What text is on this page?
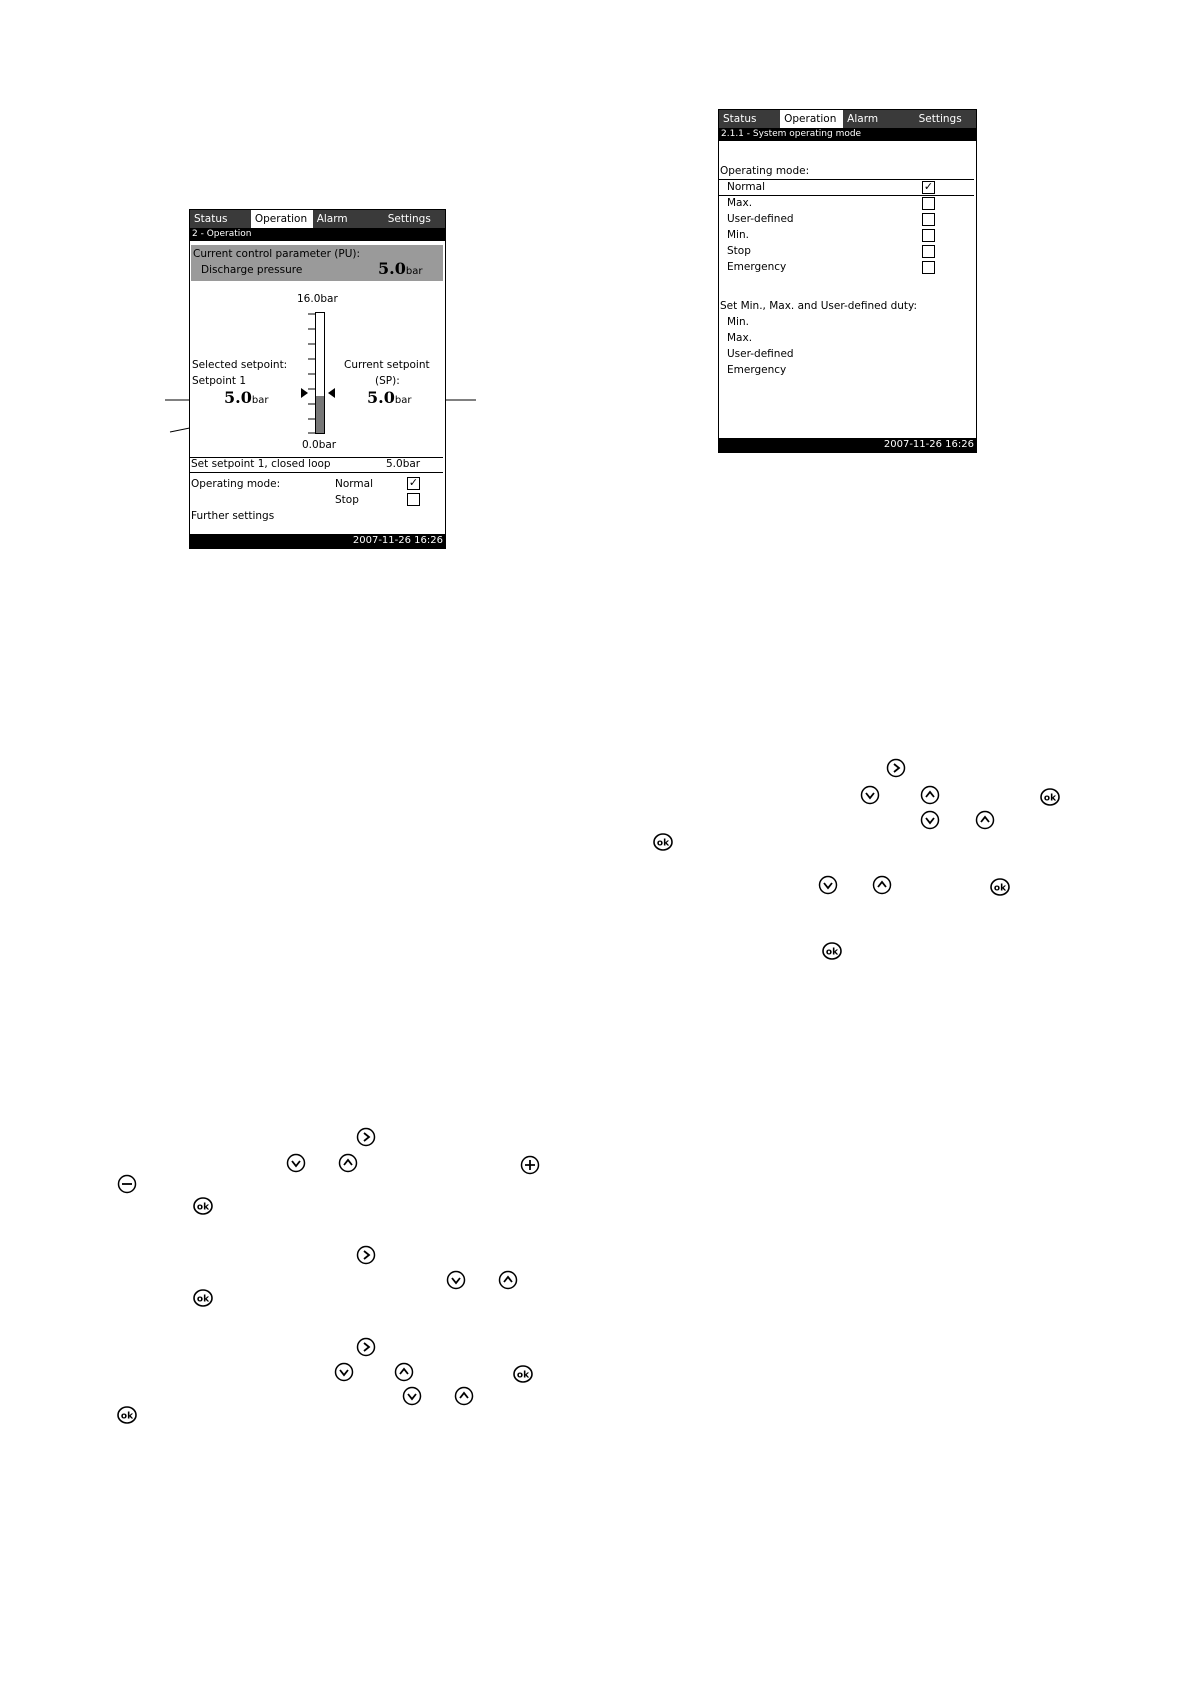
Status	Operation Alarm	Settings
2 - Operation
Current control parameter (PU):
Discharge pressure	5.0bar
16.0bar
0.0bar
Selected setpoint:
Setpoint 1
5.0bar
Current setpoint
(SP):
5.0bar
Set setpoint 1, closed loop	5.0bar
Operating mode:	Normal	✓
Stop
Further settings
2007-11-26 16:26
Status	Operation	Alarm	Settings
2.1.1 - System operating mode
Operating mode:
Normal	✓
Max.
User-defined
Min.
Stop
Emergency
Set Min., Max. and User-defined duty:
Min.
Max.
User-defined
Emergency
2007-11-26 16:26
ok
ok
ok
ok
ok
ok
ok
ok
